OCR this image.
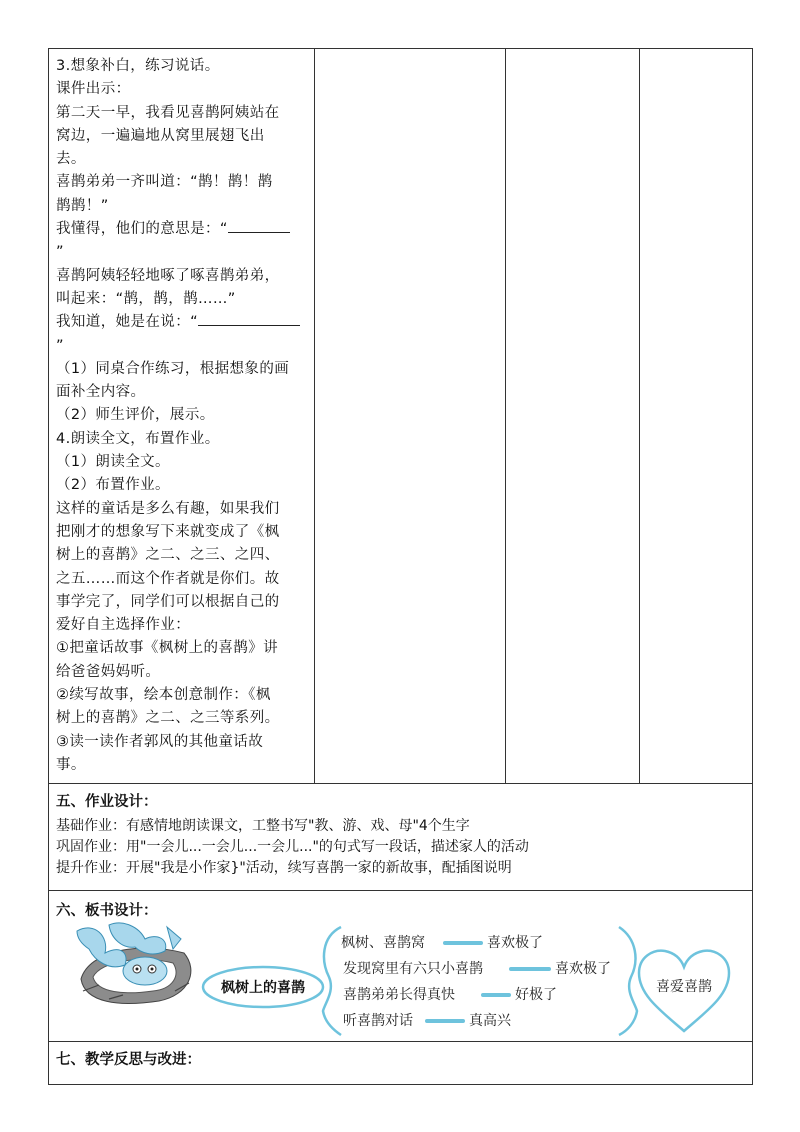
3.想象补白，练习说话。

课件出示：

第二天一早，我看见喜鹊阿姨站在

窝边，一遍遍地从窝里展翅飞出

去。

喜鹊弟弟一齐叫道：“鹊！鹊！鹊

鹊鹊！”

我懂得，他们的意思是：“

”

喜鹊阿姨轻轻地啄了啄喜鹊弟弟，

叫起来：“鹊，鹊，鹊……”

我知道，她是在说：“

”

（1）同桌合作练习，根据想象的画

面补全内容。

（2）师生评价，展示。

4.朗读全文，布置作业。

（1）朗读全文。

（2）布置作业。

这样的童话是多么有趣，如果我们

把刚才的想象写下来就变成了《枫

树上的喜鹊》之二、之三、之四、

之五……而这个作者就是你们。故

事学完了，同学们可以根据自己的

爱好自主选择作业：

①把童话故事《枫树上的喜鹊》讲

给爸爸妈妈听。

②续写故事，绘本创意制作：《枫

树上的喜鹊》之二、之三等系列。

③读一读作者郭风的其他童话故

事。

五、作业设计：

基础作业：有感情地朗读课文，工整书写"教、游、戏、母"4个生字

巩固作业：用"一会儿...一会儿...一会儿..."的句式写一段话，描述家人的活动

提升作业：开展"我是小作家}"活动，续写喜鹊一家的新故事，配插图说明

枫树上的喜鹊
枫树、喜鹊窝	喜欢极了
发现窝里有六只小喜鹊	喜欢极了
喜鹊弟弟长得真快	好极了
听喜鹊对话	真高兴
喜爱喜鹊
六、板书设计：

七、教学反思与改进：
